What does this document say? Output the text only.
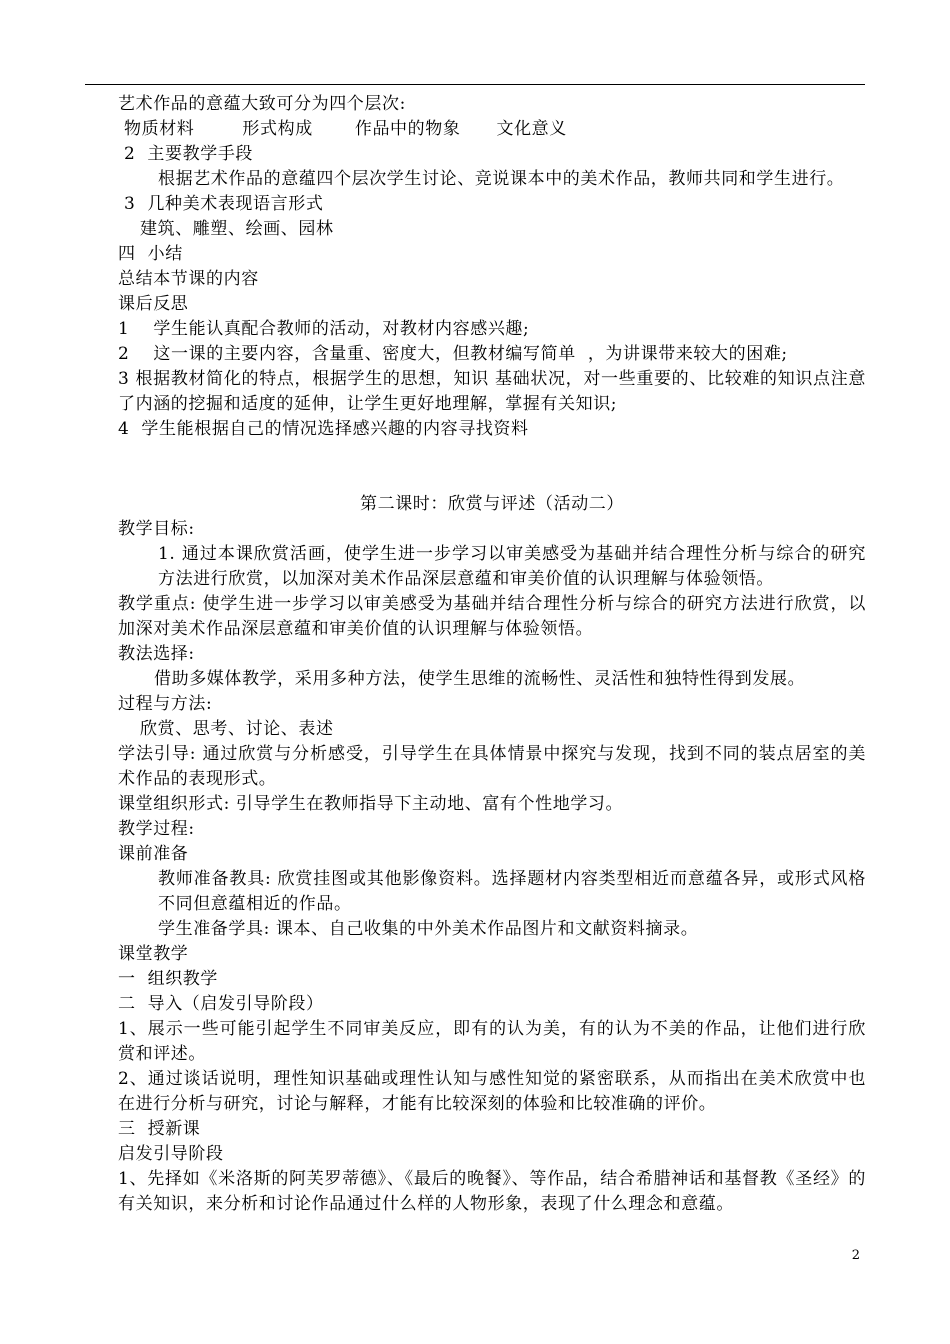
艺术作品的意蕴大致可分为四个层次:

物质材料        形式构成       作品中的物象      文化意义

2  主要教学手段

根据艺术作品的意蕴四个层次学生讨论、竞说课本中的美术作品，教师共同和学生进行。

3  几种美术表现语言形式

建筑、雕塑、绘画、园林

四  小结

总结本节课的内容

课后反思

1    学生能认真配合教师的活动，对教材内容感兴趣;

2    这一课的主要内容，含量重、密度大，但教材编写简单  ，为讲课带来较大的困难;

3 根据教材简化的特点，根据学生的思想，知识 基础状况，对一些重要的、比较难的知识点注意 了内涵的挖掘和适度的延伸，让学生更好地理解，掌握有关知识;

4  学生能根据自己的情况选择感兴趣的内容寻找资料

第二课时：欣赏与评述（活动二）

教学目标:

1. 通过本课欣赏活画，使学生进一步学习以审美感受为基础并结合理性分析与综合的研究方法进行欣赏，以加深对美术作品深层意蕴和审美价值的认识理解与体验领悟。

教学重点: 使学生进一步学习以审美感受为基础并结合理性分析与综合的研究方法进行欣赏，以加深对美术作品深层意蕴和审美价值的认识理解与体验领悟。

教法选择:

借助多媒体教学，采用多种方法，使学生思维的流畅性、灵活性和独特性得到发展。

过程与方法:

欣赏、思考、讨论、表述

学法引导: 通过欣赏与分析感受，引导学生在具体情景中探究与发现，找到不同的装点居室的美术作品的表现形式。

课堂组织形式: 引导学生在教师指导下主动地、富有个性地学习。

教学过程:

课前准备

教师准备教具: 欣赏挂图或其他影像资料。选择题材内容类型相近而意蕴各异，或形式风格不同但意蕴相近的作品。

学生准备学具: 课本、自己收集的中外美术作品图片和文献资料摘录。

课堂教学

一  组织教学

二  导入（启发引导阶段）

1、展示一些可能引起学生不同审美反应，即有的认为美，有的认为不美的作品，让他们进行欣赏和评述。

2、通过谈话说明，理性知识基础或理性认知与感性知觉的紧密联系，从而指出在美术欣赏中也在进行分析与研究，讨论与解释，才能有比较深刻的体验和比较准确的评价。

三  授新课

启发引导阶段

1、先择如《米洛斯的阿芙罗蒂德》、《最后的晚餐》、等作品，结合希腊神话和基督教《圣经》的有关知识，来分析和讨论作品通过什么样的人物形象，表现了什么理念和意蕴。

2
